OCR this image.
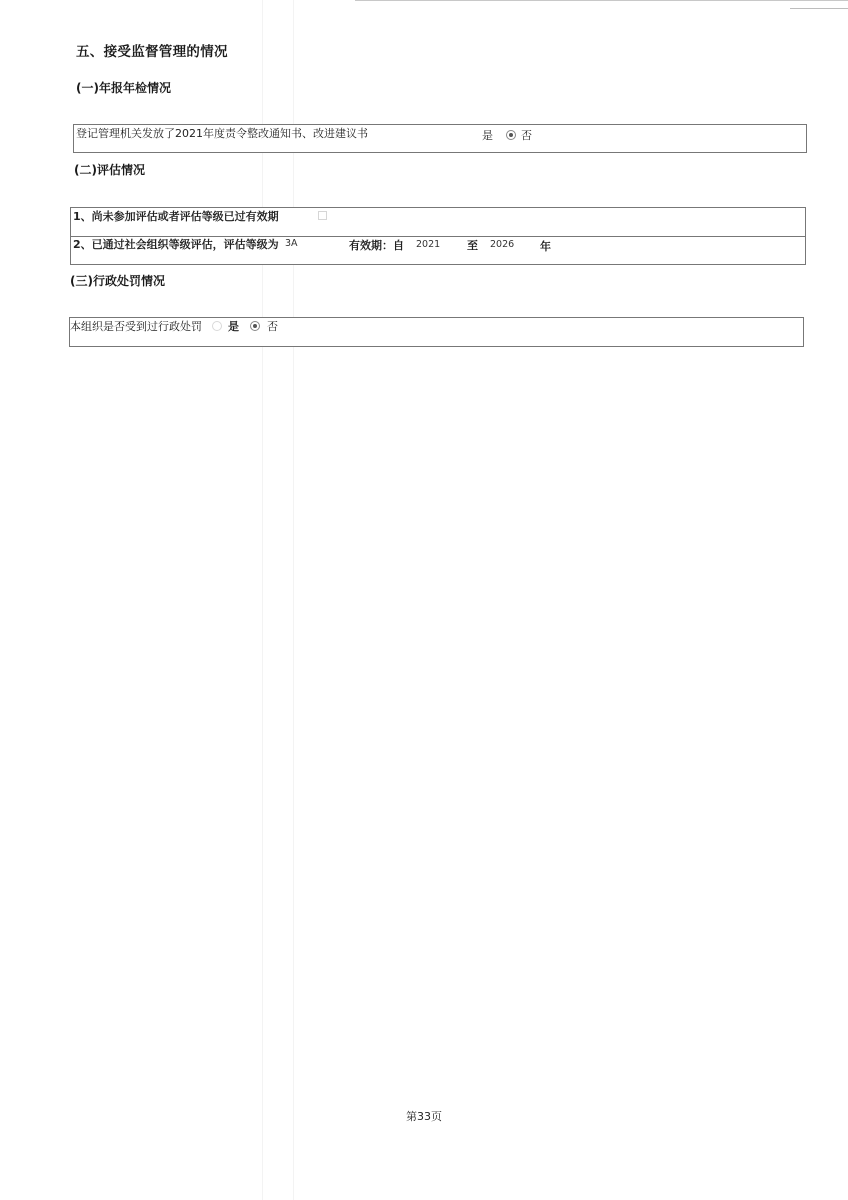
五、接受监督管理的情况
(一)年报年检情况
登记管理机关发放了2021年度责令整改通知书、改进建议书	是	否
(二)评估情况
1、尚未参加评估或者评估等级已过有效期
2、已通过社会组织等级评估，评估等级为 3A	有效期：自 2021 至 2026 年
(三)行政处罚情况
本组织是否受到过行政处罚 是	否
第33页
